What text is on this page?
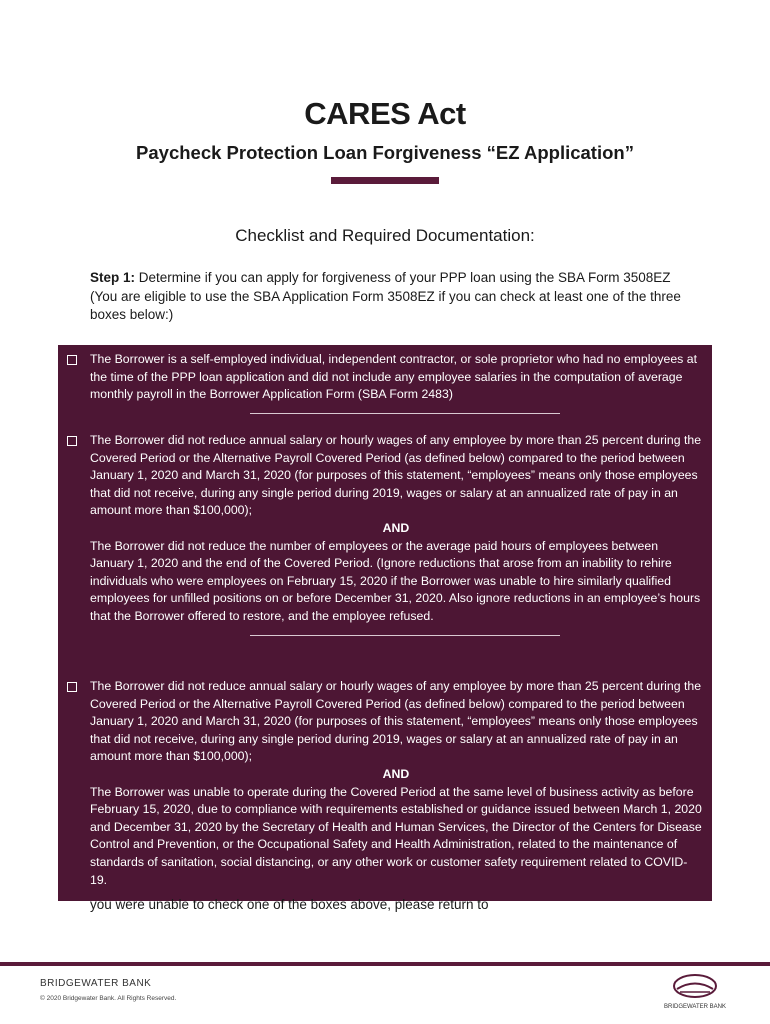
CARES Act
Paycheck Protection Loan Forgiveness “EZ Application”
Checklist and Required Documentation:
Step 1: Determine if you can apply for forgiveness of your PPP loan using the SBA Form 3508EZ (You are eligible to use the SBA Application Form 3508EZ if you can check at least one of the three boxes below:)
The Borrower is a self-employed individual, independent contractor, or sole proprietor who had no employees at the time of the PPP loan application and did not include any employee salaries in the computation of average monthly payroll in the Borrower Application Form (SBA Form 2483)
The Borrower did not reduce annual salary or hourly wages of any employee by more than 25 percent during the Covered Period or the Alternative Payroll Covered Period (as defined below) compared to the period between January 1, 2020 and March 31, 2020 (for purposes of this statement, “employees” means only those employees that did not receive, during any single period during 2019, wages or salary at an annualized rate of pay in an amount more than $100,000);
AND
The Borrower did not reduce the number of employees or the average paid hours of employees between January 1, 2020 and the end of the Covered Period. (Ignore reductions that arose from an inability to rehire individuals who were employees on February 15, 2020 if the Borrower was unable to hire similarly qualified employees for unfilled positions on or before December 31, 2020. Also ignore reductions in an employee’s hours that the Borrower offered to restore, and the employee refused.
The Borrower did not reduce annual salary or hourly wages of any employee by more than 25 percent during the Covered Period or the Alternative Payroll Covered Period (as defined below) compared to the period between January 1, 2020 and March 31, 2020 (for purposes of this statement, “employees” means only those employees that did not receive, during any single period during 2019, wages or salary at an annualized rate of pay in an amount more than $100,000);
AND
The Borrower was unable to operate during the Covered Period at the same level of business activity as before February 15, 2020, due to compliance with requirements established or guidance issued between March 1, 2020 and December 31, 2020 by the Secretary of Health and Human Services, the Director of the Centers for Disease Control and Prevention, or the Occupational Safety and Health Administration, related to the maintenance of standards of sanitation, social distancing, or any other work or customer safety requirement related to COVID-19.
you were unable to check one of the boxes above, please return to
BRIDGEWATER BANK
© 2020 Bridgewater Bank. All Rights Reserved.
BRIDGEWATER BANK
